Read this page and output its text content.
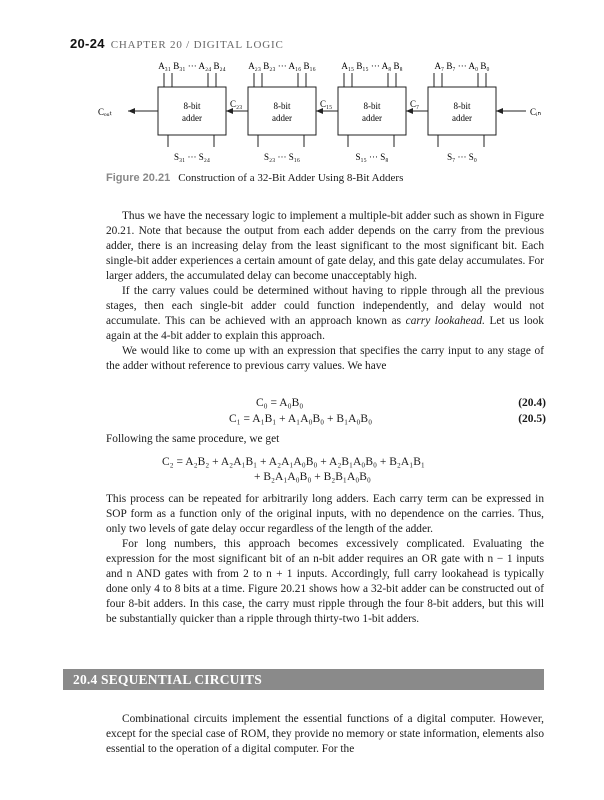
20-24 CHAPTER 20 / DIGITAL LOGIC
A₃₁ B₃₁ ··· A₂₄ B₂₄ A₂₃ B₂₃ ··· A₁₆ B₁₆	A₁₅ B₁₅ ··· A₈ B₈	A₇ B₇ ··· A₀ B₀
8-bit
adder
8-bit
adder
8-bit
adder
8-bit
adder
Cₒᵤₜ
C₂₃	C₁₅	C₇
Cᵢₙ
S₃₁ ··· S₂₄	S₂₃ ··· S₁₆	S₁₅ ··· S₈	S₇ ··· S₀
Figure 20.21 Construction of a 32-Bit Adder Using 8-Bit Adders

Thus we have the necessary logic to implement a multiple-bit adder such as shown in Figure 20.21. Note that because the output from each adder depends on the carry from the previous adder, there is an increasing delay from the least significant to the most significant bit. Each single-bit adder experiences a certain amount of gate delay, and this gate delay accumulates. For larger adders, the accumulated delay can become unacceptably high.

If the carry values could be determined without having to ripple through all the previous stages, then each single-bit adder could function independently, and delay would not accumulate. This can be achieved with an approach known as carry lookahead. Let us look again at the 4-bit adder to explain this approach.

We would like to come up with an expression that specifies the carry input to any stage of the adder without reference to previous carry values. We have

C₀ = A₀B₀	(20.4)
C₁ = A₁B₁ + A₁A₀B₀ + B₁A₀B₀	(20.5)

Following the same procedure, we get

C₂ = A₂B₂ + A₂A₁B₁ + A₂A₁A₀B₀ + A₂B₁A₀B₀ + B₂A₁B₁
+ B₂A₁A₀B₀ + B₂B₁A₀B₀

This process can be repeated for arbitrarily long adders. Each carry term can be expressed in SOP form as a function only of the original inputs, with no dependence on the carries. Thus, only two levels of gate delay occur regardless of the length of the adder.

For long numbers, this approach becomes excessively complicated. Evaluating the expression for the most significant bit of an n-bit adder requires an OR gate with n − 1 inputs and n AND gates with from 2 to n + 1 inputs. Accordingly, full carry lookahead is typically done only 4 to 8 bits at a time. Figure 20.21 shows how a 32-bit adder can be constructed out of four 8-bit adders. In this case, the carry must ripple through the four 8-bit adders, but this will be substantially quicker than a ripple through thirty-two 1-bit adders.

20.4 SEQUENTIAL CIRCUITS

Combinational circuits implement the essential functions of a digital computer. However, except for the special case of ROM, they provide no memory or state information, elements also essential to the operation of a digital computer. For the
